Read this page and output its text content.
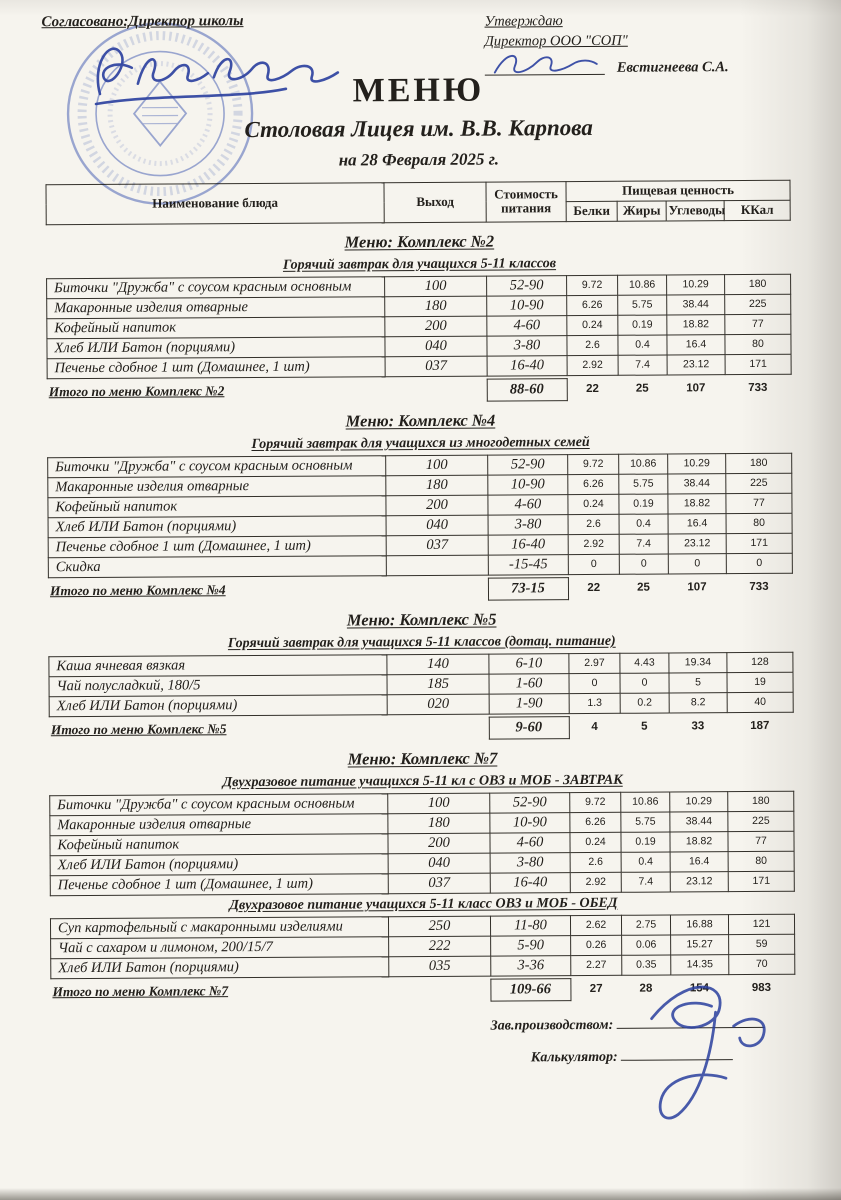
Согласовано:Директор школы	Утверждаю
Директор ООО "СОП"
Евстигнеева С.А.
МЕНЮ
Столовая Лицея им. В.В. Карпова
на 28 Февраля 2025 г.
Наименование блюда	Выход	Стоимость питания	Пищевая ценность			
			Белки	Жиры	Углеводы	ККал
Меню: Комплекс №2
Горячий завтрак для учащихся 5-11 классов
Биточки "Дружба" с соусом красным основным	100	52-90	9.72	10.86	10.29	180
Макаронные изделия отварные	180	10-90	6.26	5.75	38.44	225
Кофейный напиток	200	4-60	0.24	0.19	18.82	77
Хлеб ИЛИ Батон (порциями)	040	3-80	2.6	0.4	16.4	80
Печенье сдобное 1 шт (Домашнее, 1 шт)	037	16-40	2.92	7.4	23.12	171
Итого по меню Комплекс №2	88-60	22	25	107	733
Меню: Комплекс №4
Горячий завтрак для учащихся из многодетных семей
Биточки "Дружба" с соусом красным основным	100	52-90	9.72	10.86	10.29	180
Макаронные изделия отварные	180	10-90	6.26	5.75	38.44	225
Кофейный напиток	200	4-60	0.24	0.19	18.82	77
Хлеб ИЛИ Батон (порциями)	040	3-80	2.6	0.4	16.4	80
Печенье сдобное 1 шт (Домашнее, 1 шт)	037	16-40	2.92	7.4	23.12	171
Скидка		-15-45	0	0	0	0
Итого по меню Комплекс №4	73-15	22	25	107	733
Меню: Комплекс №5
Горячий завтрак для учащихся 5-11 классов (дотац. питание)
Каша ячневая вязкая	140	6-10	2.97	4.43	19.34	128
Чай полусладкий, 180/5	185	1-60	0	0	5	19
Хлеб ИЛИ Батон (порциями)	020	1-90	1.3	0.2	8.2	40
Итого по меню Комплекс №5	9-60	4	5	33	187
Меню: Комплекс №7
Двухразовое питание учащихся 5-11 кл с ОВЗ и МОБ - ЗАВТРАК
Биточки "Дружба" с соусом красным основным	100	52-90	9.72	10.86	10.29	180
Макаронные изделия отварные	180	10-90	6.26	5.75	38.44	225
Кофейный напиток	200	4-60	0.24	0.19	18.82	77
Хлеб ИЛИ Батон (порциями)	040	3-80	2.6	0.4	16.4	80
Печенье сдобное 1 шт (Домашнее, 1 шт)	037	16-40	2.92	7.4	23.12	171
Двухразовое питание учащихся 5-11 класс ОВЗ и МОБ - ОБЕД
Суп картофельный с макаронными изделиями	250	11-80	2.62	2.75	16.88	121
Чай с сахаром и лимоном, 200/15/7	222	5-90	0.26	0.06	15.27	59
Хлеб ИЛИ Батон (порциями)	035	3-36	2.27	0.35	14.35	70
Итого по меню Комплекс №7	109-66	27	28	154	983
Зав.производством:
Калькулятор:
